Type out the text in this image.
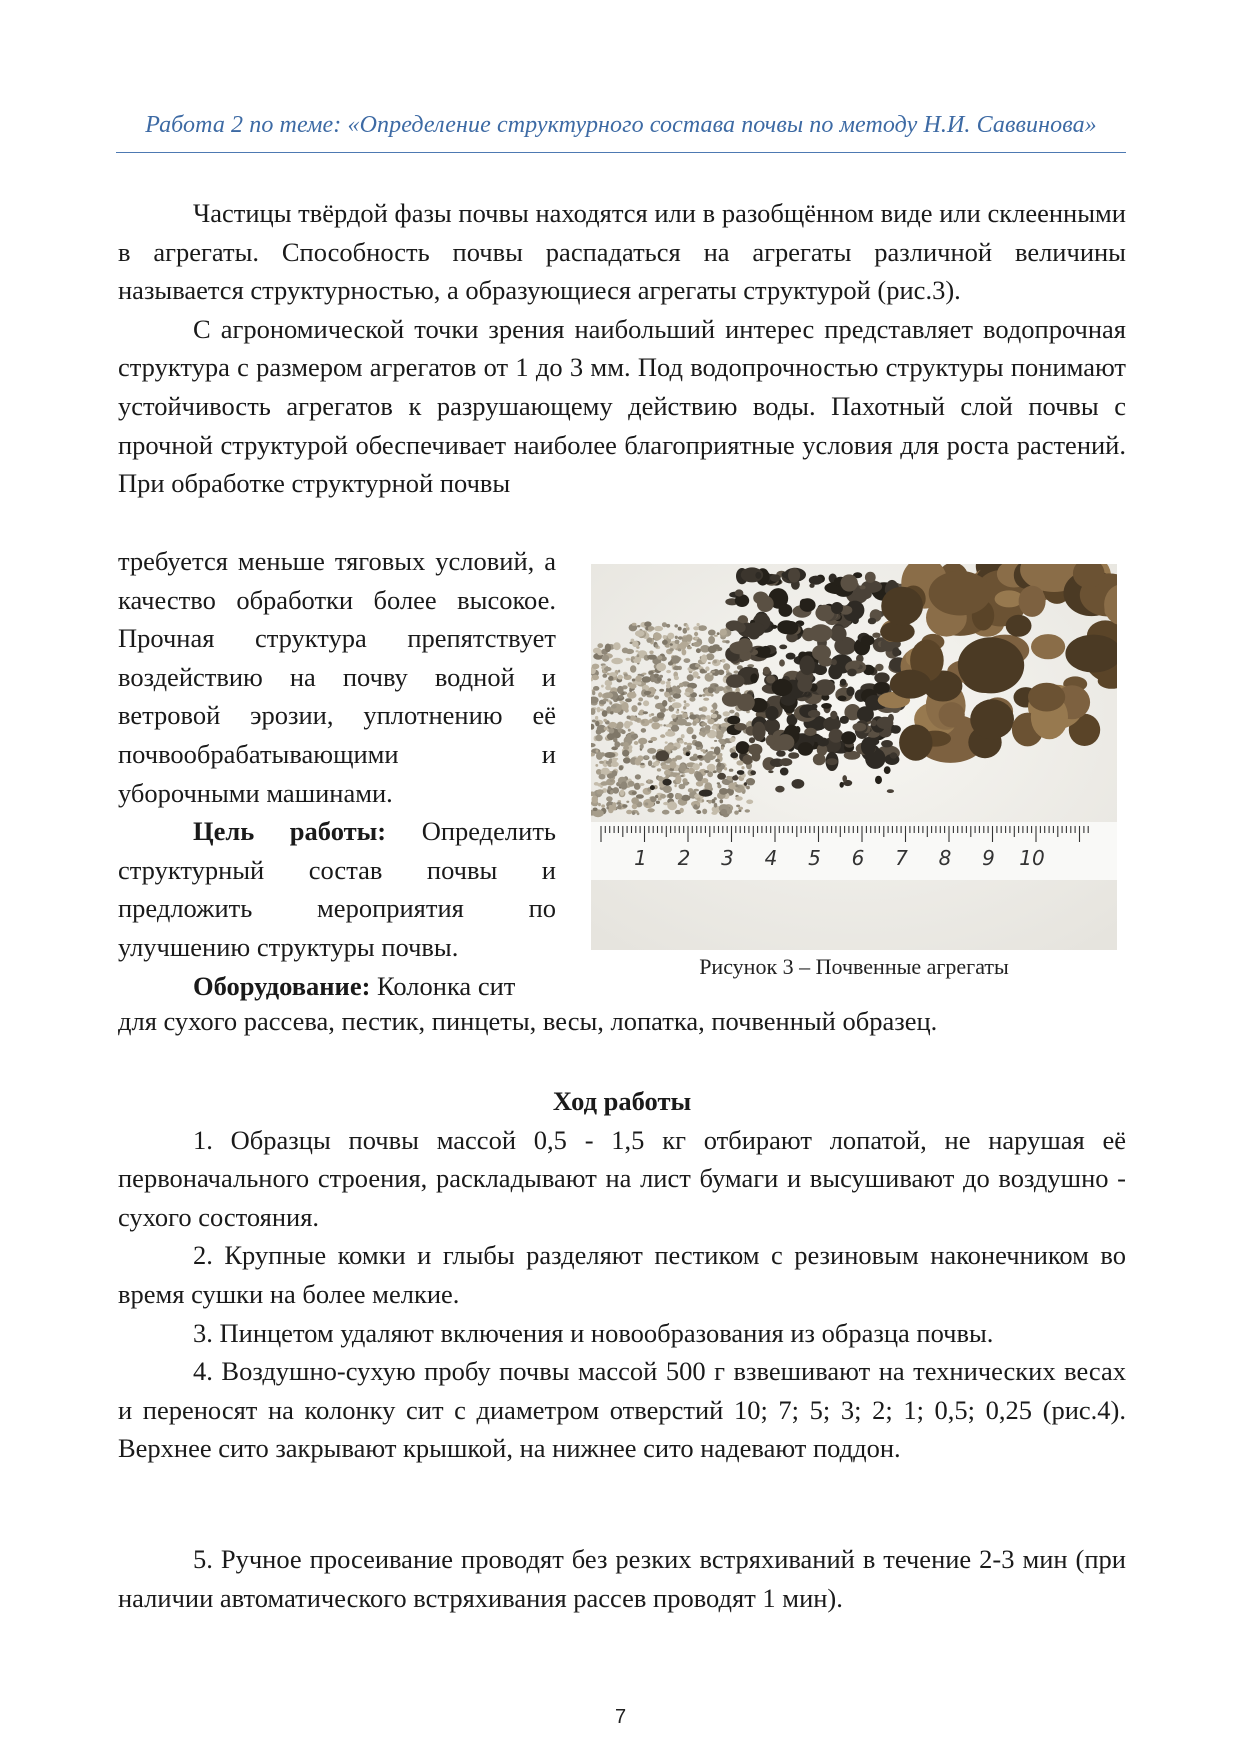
Работа 2 по теме: «Определение структурного состава почвы по методу Н.И. Саввинова»

Частицы твёрдой фазы почвы находятся или в разобщённом виде или склеенными в агрегаты. Способность почвы распадаться на агрегаты различной величины называется структурностью, а образующиеся агрегаты структурой (рис.3).

С агрономической точки зрения наибольший интерес представляет водопрочная структура с размером агрегатов от 1 до 3 мм. Под водопрочностью структуры понимают устойчивость агрегатов к разрушающему действию воды. Пахотный слой почвы с прочной структурой обеспечивает наиболее благоприятные условия для роста растений. При обработке структурной почвы

требуется меньше тяговых условий, а качество обработки более высокое. Прочная структура препятствует воздействию на почву водной и ветровой эрозии, уплотнению её почвообрабатывающими и уборочными машинами.

Цель работы: Определить структурный состав почвы и предложить мероприятия по улучшению структуры почвы.

Оборудование: Колонка сит

для сухого рассева, пестик, пинцеты, весы, лопатка, почвенный образец.

1 2 3 4 5 6 7 8 9 10
Рисунок 3 – Почвенные агрегаты

Ход работы

1. Образцы почвы массой 0,5 - 1,5 кг отбирают лопатой, не нарушая её первоначального строения, раскладывают на лист бумаги и высушивают до воздушно - сухого состояния.

2. Крупные комки и глыбы разделяют пестиком с резиновым наконечником во время сушки на более мелкие.

3. Пинцетом удаляют включения и новообразования из образца почвы.

4. Воздушно-сухую пробу почвы массой 500 г взвешивают на технических весах и переносят на колонку сит с диаметром отверстий 10; 7; 5; 3; 2; 1; 0,5; 0,25 (рис.4). Верхнее сито закрывают крышкой, на нижнее сито надевают поддон.

5. Ручное просеивание проводят без резких встряхиваний в течение 2-3 мин (при наличии автоматического встряхивания рассев проводят 1 мин).

7
